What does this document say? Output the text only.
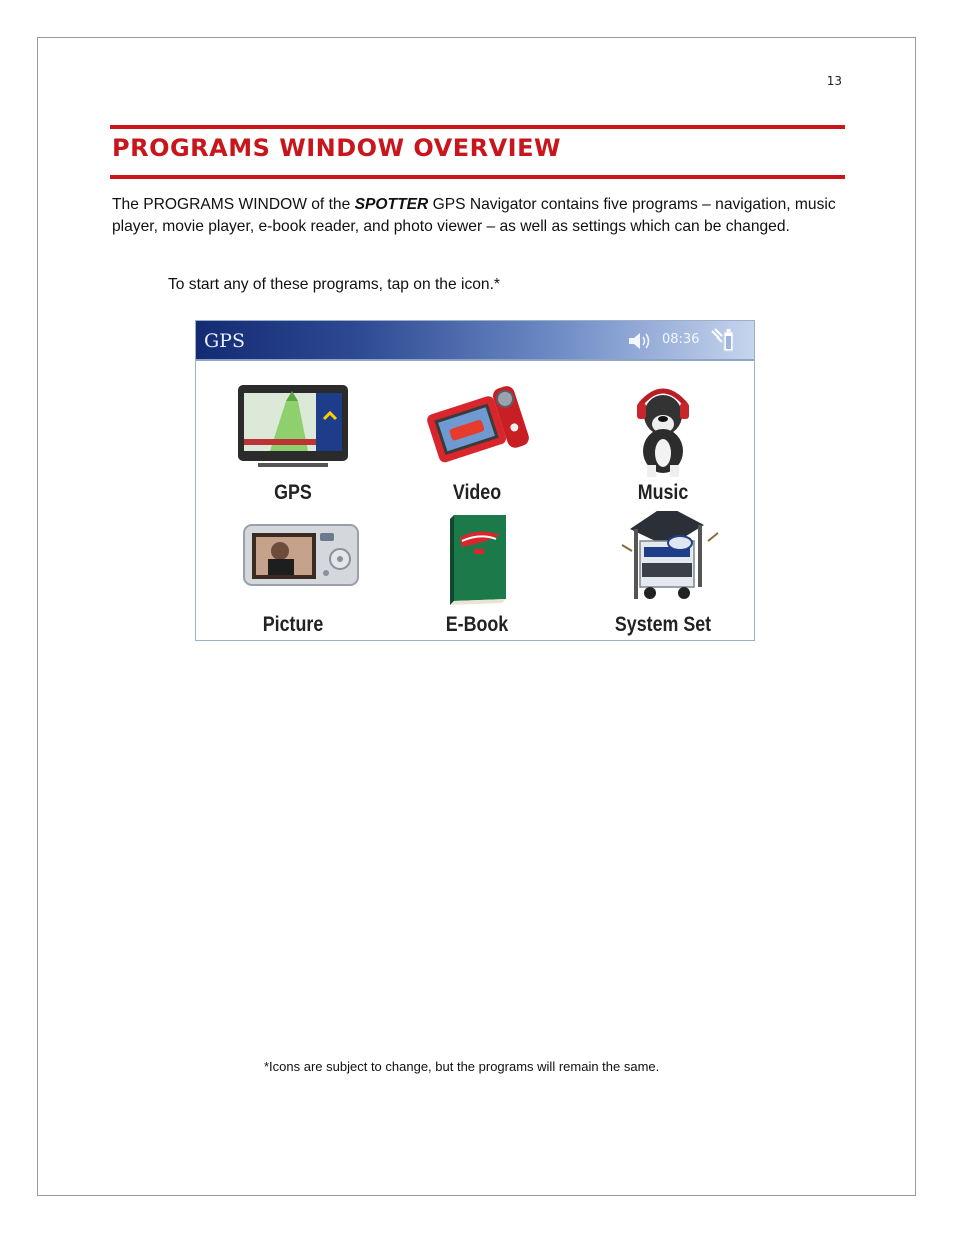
13
PROGRAMS WINDOW OVERVIEW

The PROGRAMS WINDOW of the SPOTTER GPS Navigator contains five programs – navigation, music player, movie player, e-book reader, and photo viewer – as well as settings which can be changed.

To start any of these programs, tap on the icon.*
GPS	08:36
GPS	Video	Music
Picture	E-Book	System Set
*Icons are subject to change, but the programs will remain the same.
